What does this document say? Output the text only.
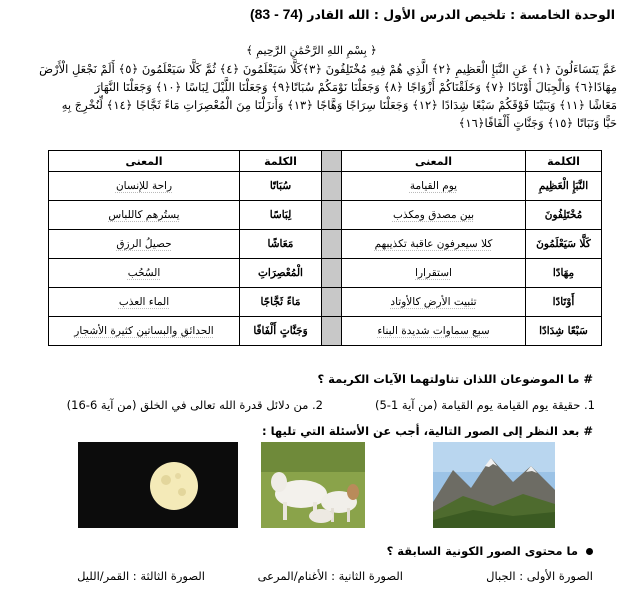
الوحدة الخامسة : تلخيص الدرس الأول : الله القادر (74 - 83)
﴿ بِسْمِ اللهِ الرَّحْمَٰنِ الرَّحِيمِ ﴾

عَمَّ يَتَسَاءَلُونَ ﴿١﴾ عَنِ النَّبَإِ الْعَظِيمِ ﴿٢﴾ الَّذِي هُمْ فِيهِ مُخْتَلِفُونَ ﴿٣﴾كَلَّا سَيَعْلَمُونَ ﴿٤﴾ ثُمَّ كَلَّا سَيَعْلَمُونَ ﴿٥﴾ أَلَمْ نَجْعَلِ الْأَرْضَ

مِهَادًا﴿٦﴾ وَالْجِبَالَ أَوْتَادًا ﴿٧﴾ وَخَلَقْنَاكُمْ أَزْوَاجًا ﴿٨﴾ وَجَعَلْنَا نَوْمَكُمْ سُبَاتًا﴿٩﴾ وَجَعَلْنَا اللَّيْلَ لِبَاسًا ﴿١٠﴾ وَجَعَلْنَا النَّهَارَ

مَعَاشًا ﴿١١﴾ وَبَنَيْنَا فَوْقَكُمْ سَبْعًا شِدَادًا ﴿١٢﴾ وَجَعَلْنَا سِرَاجًا وَهَّاجًا ﴿١٣﴾ وَأَنزَلْنَا مِنَ الْمُعْصِرَاتِ مَاءً ثَجَّاجًا ﴿١٤﴾ لِّنُخْرِجَ بِهِ

حَبًّا وَنَبَاتًا ﴿١٥﴾ وَجَنَّاتٍ أَلْفَافًا﴿١٦﴾

الكلمة	المعنى		الكلمة	المعنى
النَّبَإِ الْعَظِيمِ	يوم القيامة		سُبَاتًا	راحة للإنسان
مُخْتَلِفُونَ	بين مصدق ومكذب		لِبَاسًا	يستُرهم كاللباس
كَلَّا سَيَعْلَمُونَ	كلا سيعرفون عاقبة تكذيبهم		مَعَاشًا	حصيلُ الرزق
مِهَادًا	استقرارا		الْمُعْصِرَاتِ	السُحُب
أَوْتَادًا	تثبيت الأرض كالأوتاد		مَاءً ثَجَّاجًا	الماء العذب
سَبْعًا شِدَادًا	سبع سماوات شديدة البناء		وَجَنَّاتٍ أَلْفَافًا	الحدائق والبساتين كثيرة الأشجار
# ما الموضوعان اللذان تناولتهما الآيات الكريمة ؟
1. حقيقة يوم القيامة يوم القيامة (من آية 1-5)
2. من دلائل قدرة الله تعالى في الخلق (من آية 6-16)
# بعد النظر إلى الصور التالية، أجب عن الأسئلة التي تليها :
ما محتوى الصور الكونية السابقة ؟
الصورة الأولى : الجبال
الصورة الثانية : الأغنام/المرعى
الصورة الثالثة : القمر/الليل
